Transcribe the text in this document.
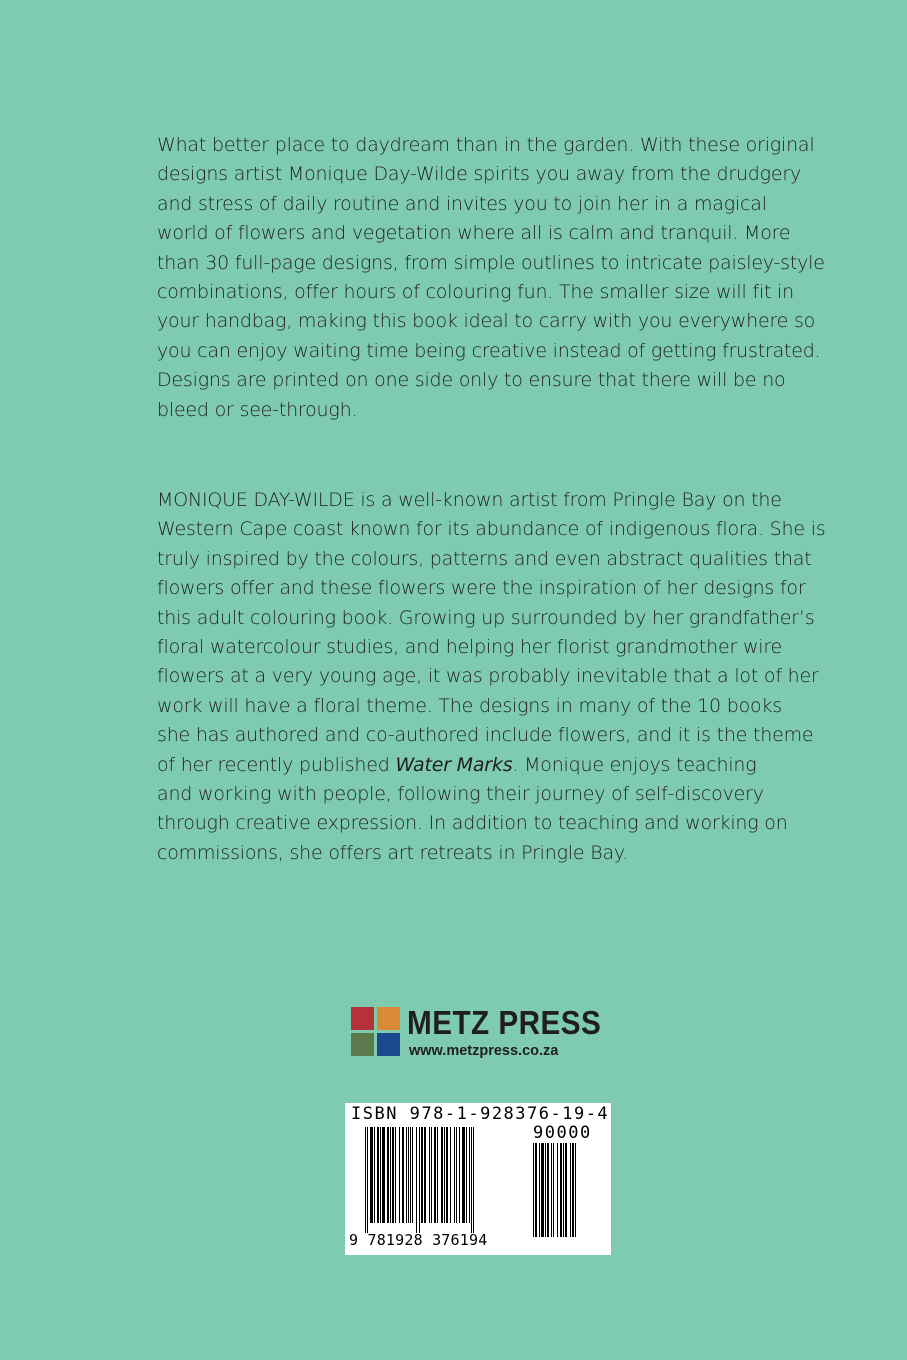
What better place to daydream than in the garden. With these original
designs artist Monique Day-Wilde spirits you away from the drudgery
and stress of daily routine and invites you to join her in a magical
world of flowers and vegetation where all is calm and tranquil. More
than 30 full-page designs, from simple outlines to intricate paisley-style
combinations, offer hours of colouring fun. The smaller size will fit in
your handbag, making this book ideal to carry with you everywhere so
you can enjoy waiting time being creative instead of getting frustrated.
Designs are printed on one side only to ensure that there will be no
bleed or see-through.
MONIQUE DAY-WILDE is a well-known artist from Pringle Bay on the
Western Cape coast known for its abundance of indigenous flora. She is
truly inspired by the colours, patterns and even abstract qualities that
flowers offer and these flowers were the inspiration of her designs for
this adult colouring book. Growing up surrounded by her grandfather’s
floral watercolour studies, and helping her florist grandmother wire
flowers at a very young age, it was probably inevitable that a lot of her
work will have a floral theme. The designs in many of the 10 books
she has authored and co-authored include flowers, and it is the theme
of her recently published Water Marks. Monique enjoys teaching
and working with people, following their journey of self-discovery
through creative expression. In addition to teaching and working on
commissions, she offers art retreats in Pringle Bay.
METZ PRESS
www.metzpress.co.za
ISBN 978-1-928376-19-4
90000
9 781928 376194
